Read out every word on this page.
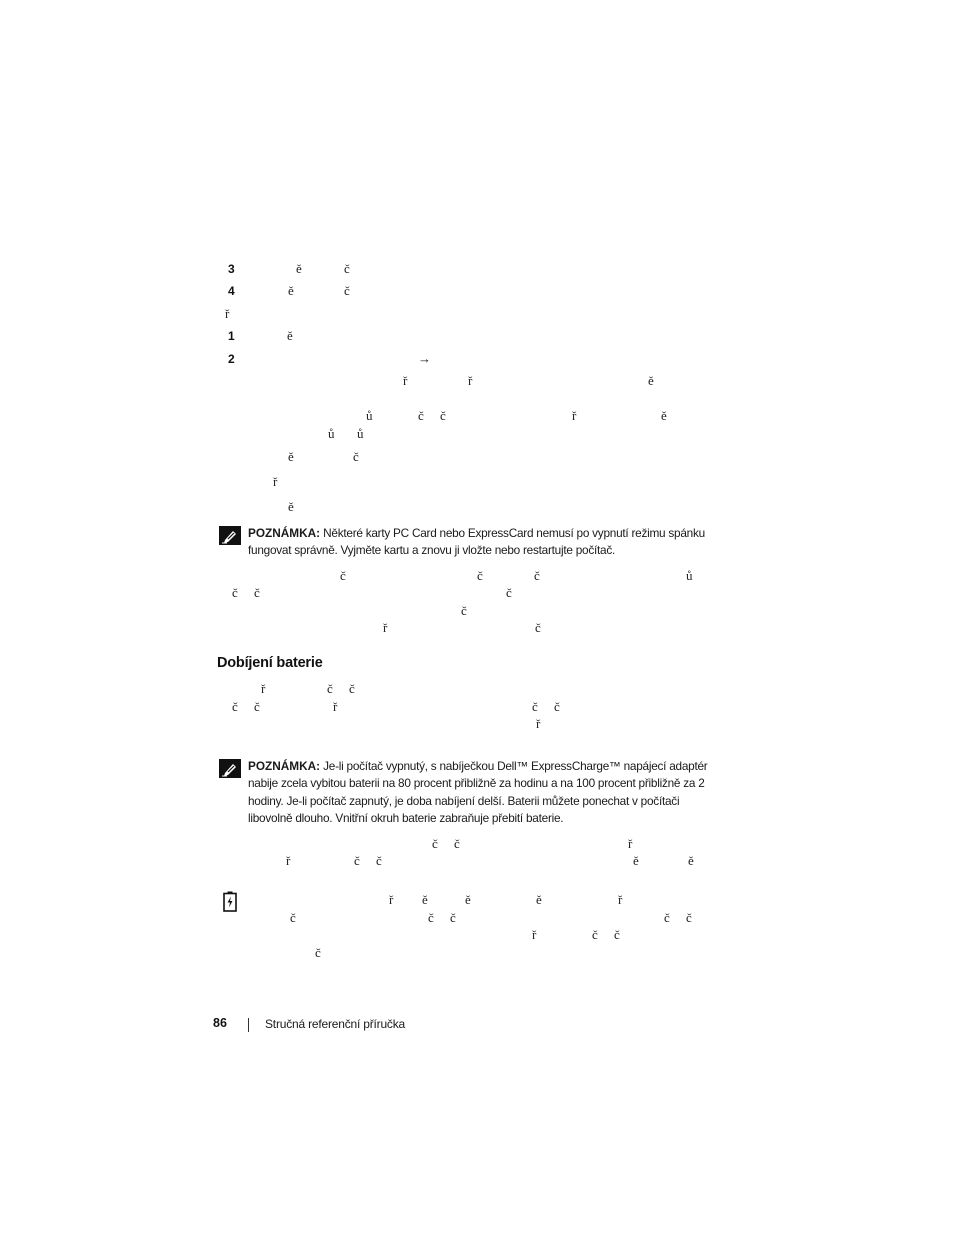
3
4
ě	č
ě	č
ř
1
2
ě
→
ř	ř	ě
ů	č č	ř	ě
ů ů
ě	č
ř
ě
POZNÁMKA: Některé karty PC Card nebo ExpressCard nemusí po vypnutí režimu spánku fungovat správně. Vyjměte kartu a znovu ji vložte nebo restartujte počítač.
č	č	č	ů
č č	č
č
ř	č
Dobíjení baterie
ř	č č
č č	ř	č č
ř
POZNÁMKA: Je-li počítač vypnutý, s nabíječkou Dell™ ExpressCharge™ napájecí adaptér nabije zcela vybitou baterii na 80 procent přibližně za hodinu a na 100 procent přibližně za 2 hodiny. Je-li počítač zapnutý, je doba nabíjení delší. Baterii můžete ponechat v počítači libovolně dlouho. Vnitřní okruh baterie zabraňuje přebití baterie.
č č	ř
ř	č č	ě	ě
ř ě	ě	ě	ř
č	č č	č č
ř	č č
č
86	Stručná referenční příručka
